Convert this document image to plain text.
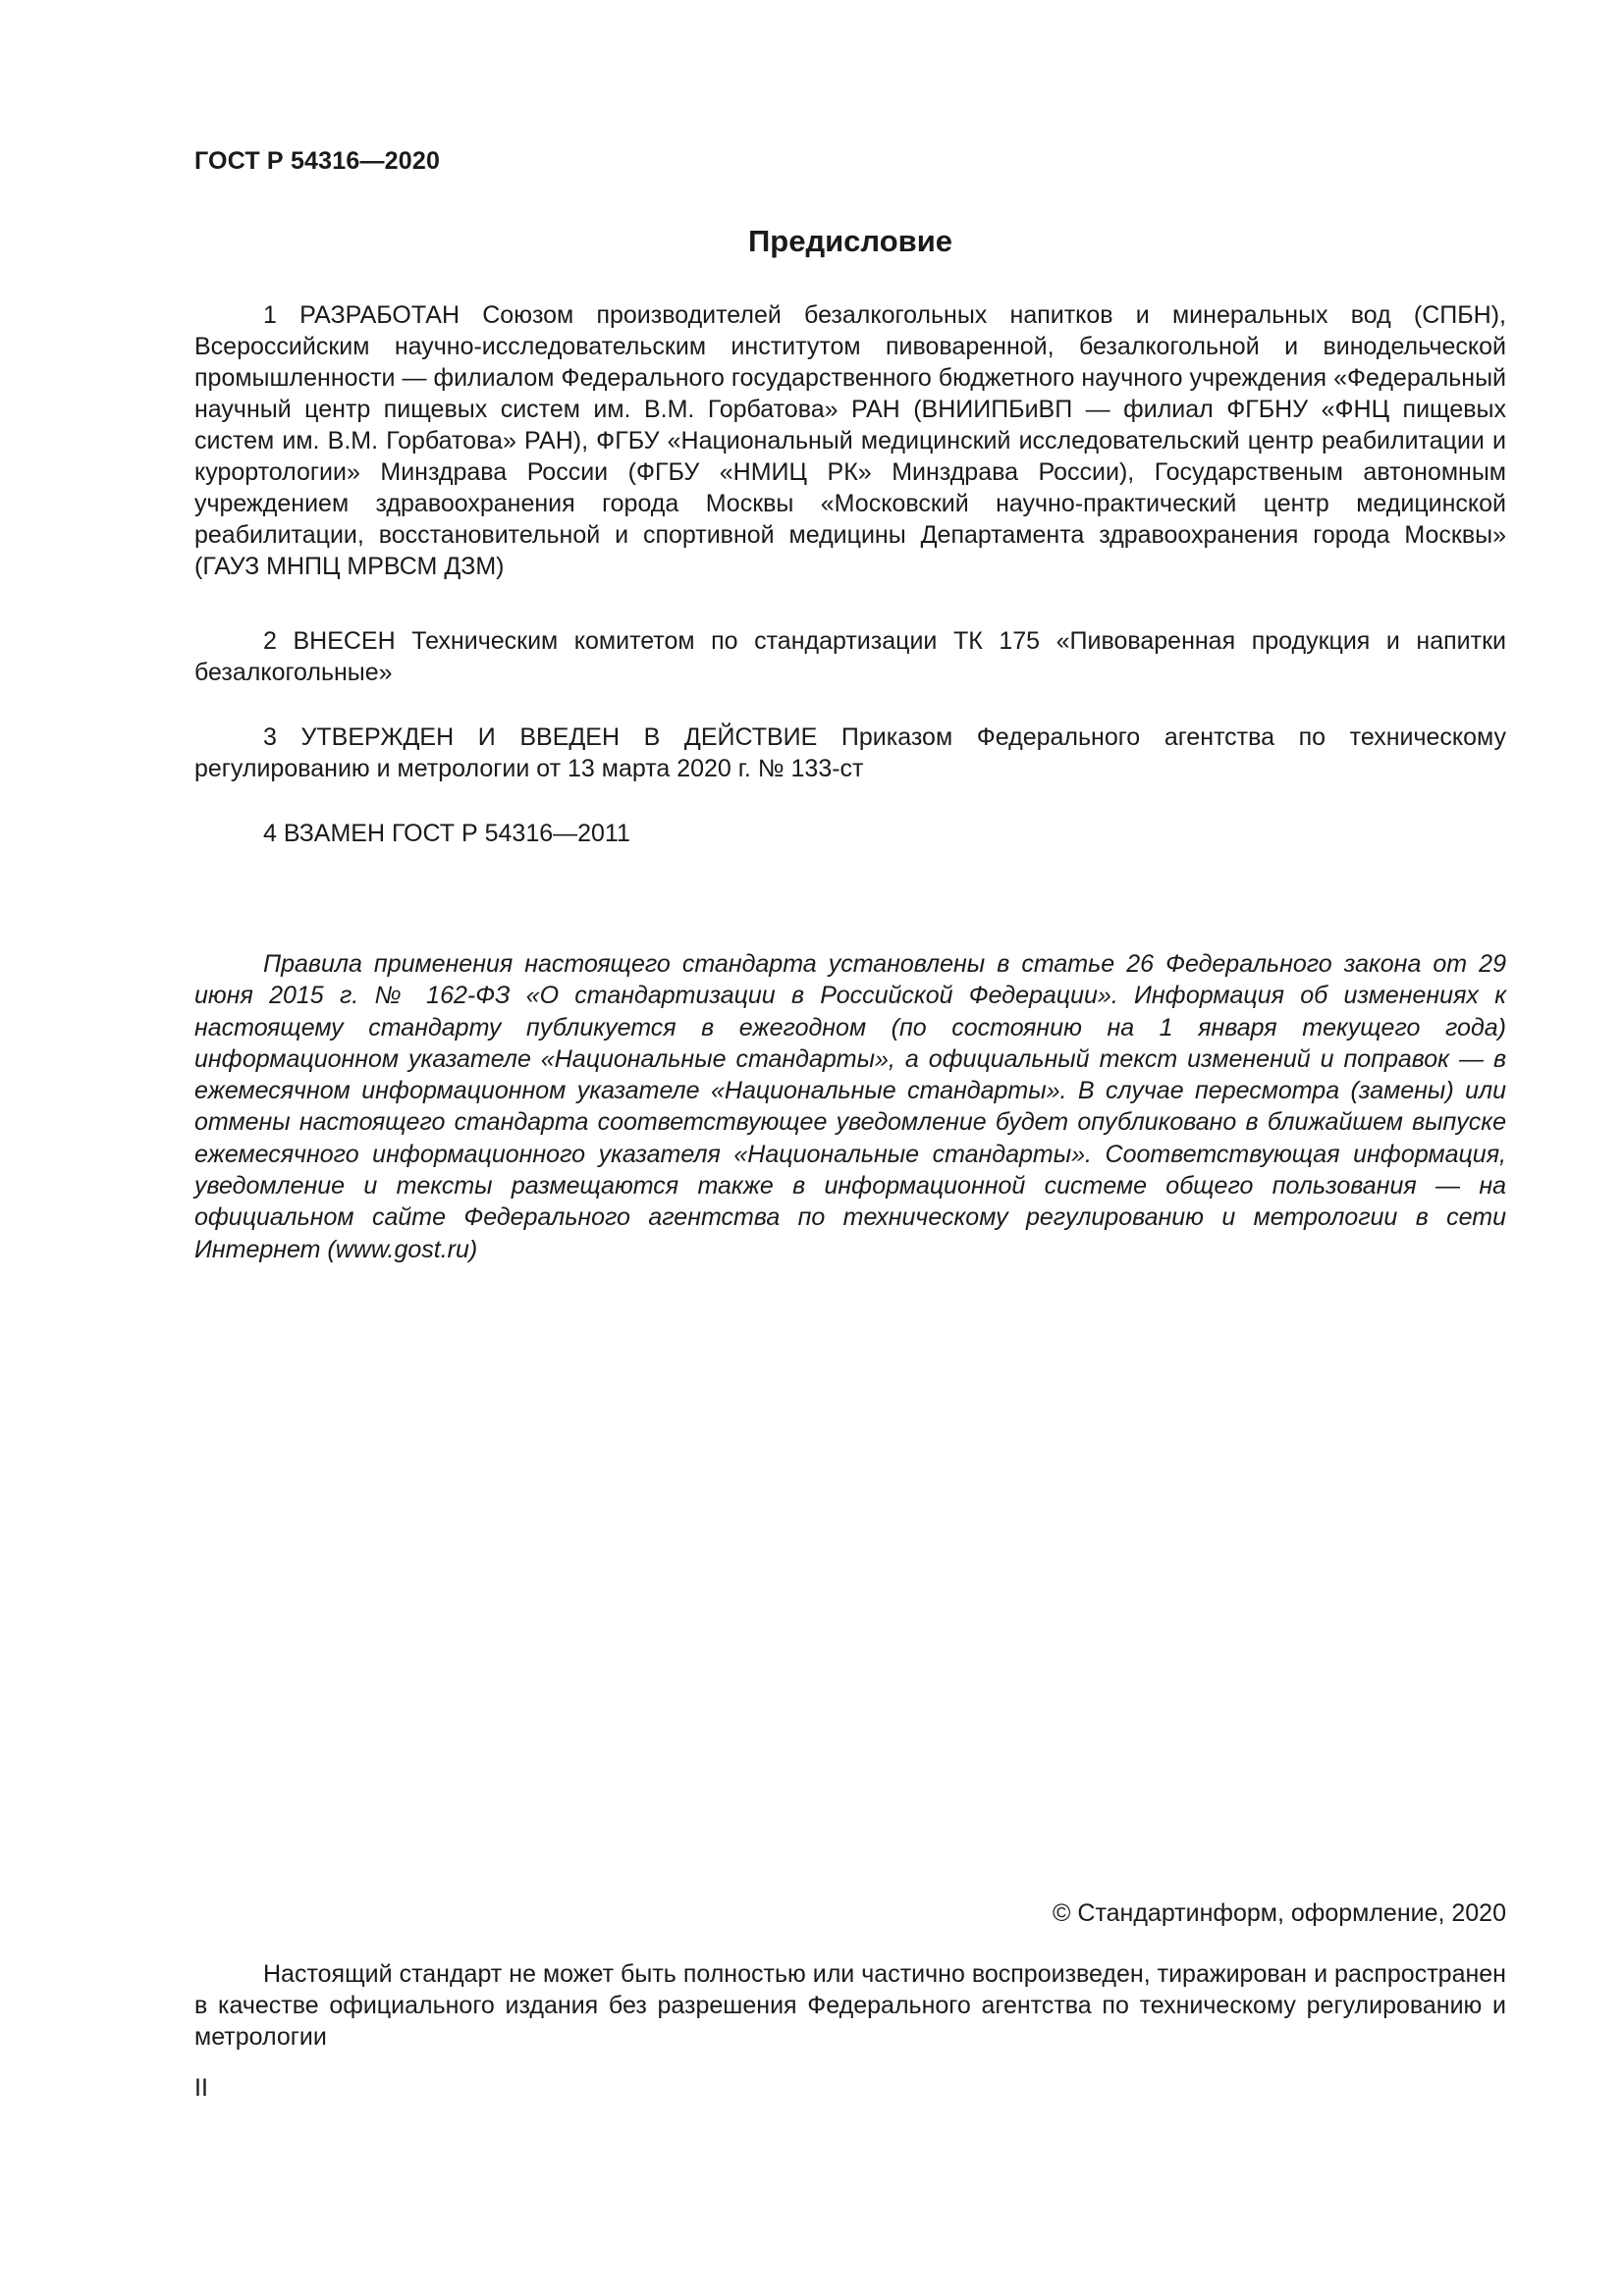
ГОСТ Р 54316—2020
Предисловие

1 РАЗРАБОТАН Союзом производителей безалкогольных напитков и минеральных вод (СПБН), Всероссийским научно-исследовательским институтом пивоваренной, безалкогольной и винодельческой промышленности — филиалом Федерального государственного бюджетного научного учреждения «Федеральный научный центр пищевых систем им. В.М. Горбатова» РАН (ВНИИПБиВП — филиал ФГБНУ «ФНЦ пищевых систем им. В.М. Горбатова» РАН), ФГБУ «Национальный медицинский исследовательский центр реабилитации и курортологии» Минздрава России (ФГБУ «НМИЦ РК» Минздрава России), Государственым автономным учреждением здравоохранения города Москвы «Московский научно-практический центр медицинской реабилитации, восстановительной и спортивной медицины Департамента здравоохранения города Москвы» (ГАУЗ МНПЦ МРВСМ ДЗМ)

2 ВНЕСЕН Техническим комитетом по стандартизации ТК 175 «Пивоваренная продукция и напитки безалкогольные»

3 УТВЕРЖДЕН И ВВЕДЕН В ДЕЙСТВИЕ Приказом Федерального агентства по техническому регулированию и метрологии от 13 марта 2020 г. № 133-ст

4 ВЗАМЕН ГОСТ Р 54316—2011

Правила применения настоящего стандарта установлены в статье 26 Федерального закона от 29 июня 2015 г. № 162-ФЗ «О стандартизации в Российской Федерации». Информация об изменениях к настоящему стандарту публикуется в ежегодном (по состоянию на 1 января текущего года) информационном указателе «Национальные стандарты», а официальный текст изменений и поправок — в ежемесячном информационном указателе «Национальные стандарты». В случае пересмотра (замены) или отмены настоящего стандарта соответствующее уведомление будет опубликовано в ближайшем выпуске ежемесячного информационного указателя «Национальные стандарты». Соответствующая информация, уведомление и тексты размещаются также в информационной системе общего пользования — на официальном сайте Федерального агентства по техническому регулированию и метрологии в сети Интернет (www.gost.ru)

© Стандартинформ, оформление, 2020

Настоящий стандарт не может быть полностью или частично воспроизведен, тиражирован и распространен в качестве официального издания без разрешения Федерального агентства по техническому регулированию и метрологии

II
